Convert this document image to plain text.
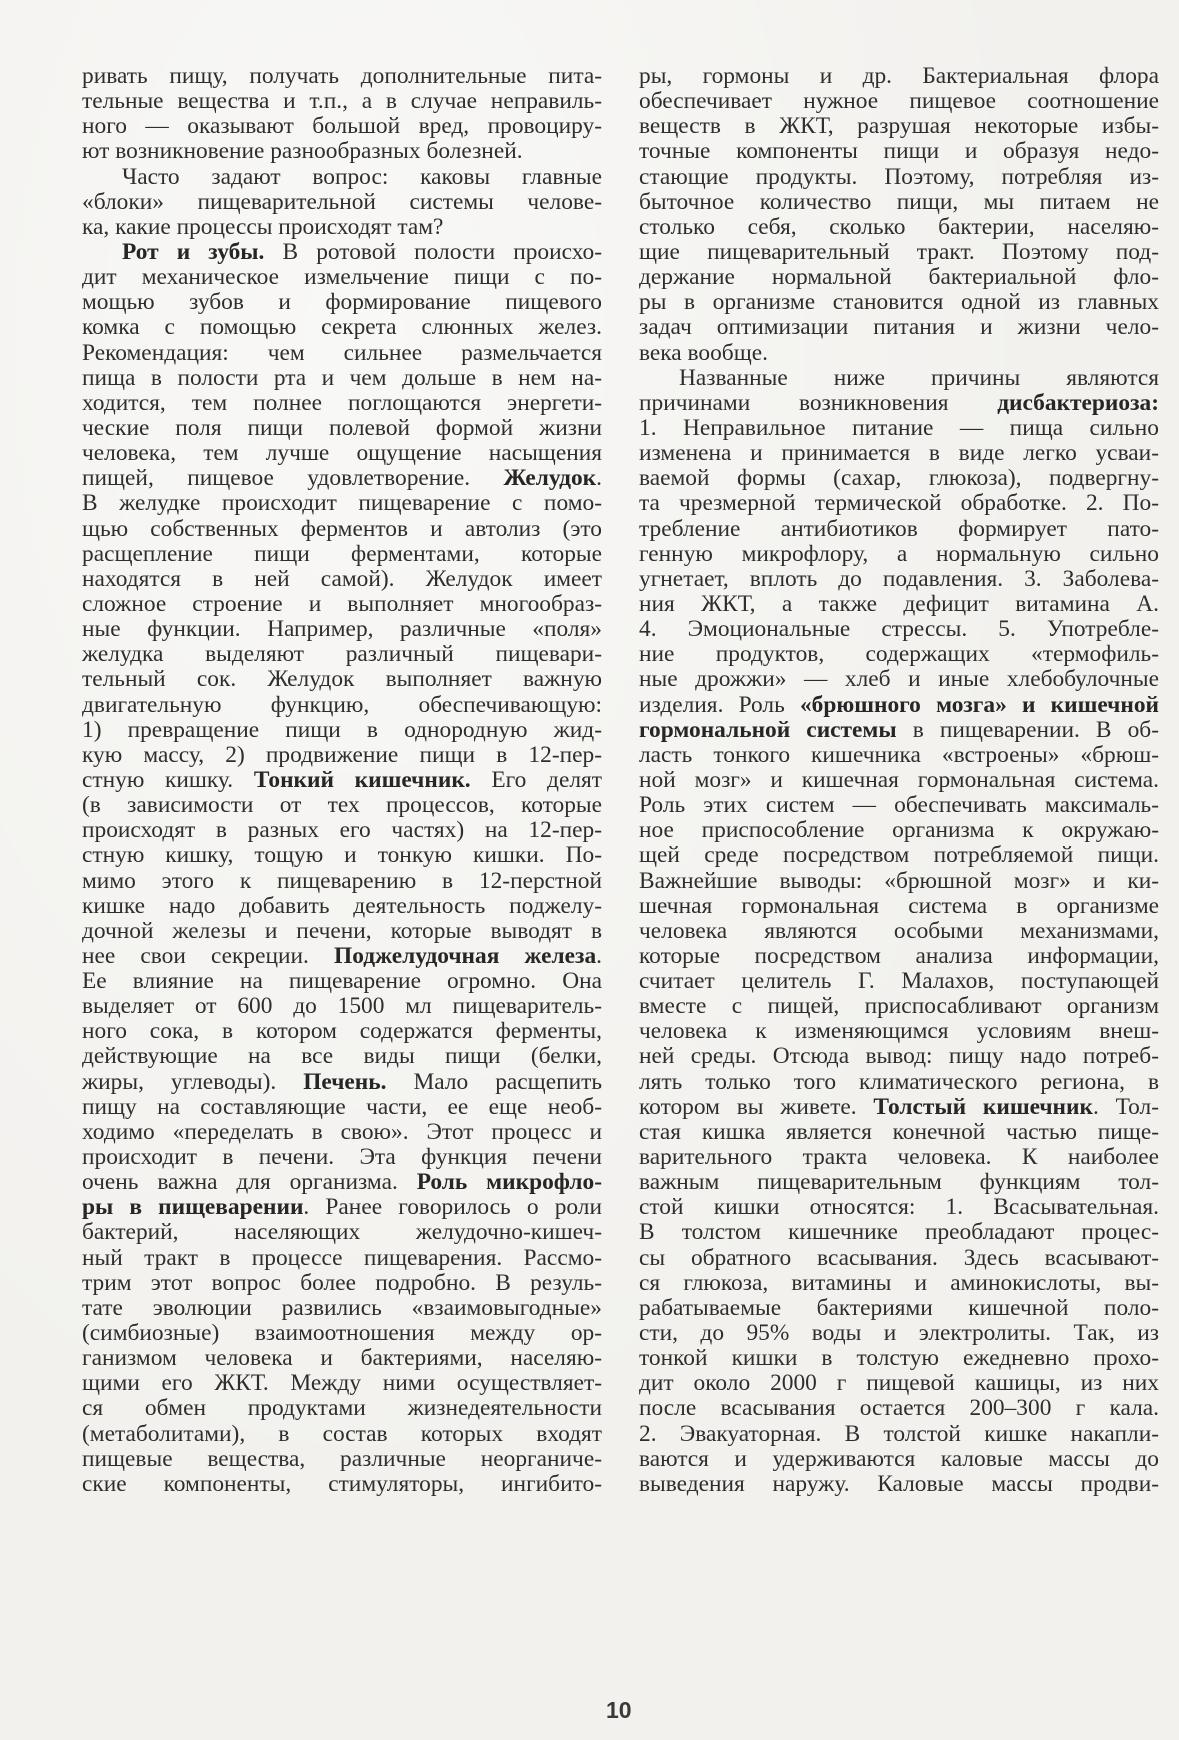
ривать пищу, получать дополнительные пита-
тельные вещества и т.п., а в случае неправиль-
ного — оказывают большой вред, провоциру-
ют возникновение разнообразных болезней.
Часто задают вопрос: каковы главные
«блоки» пищеварительной системы челове-
ка, какие процессы происходят там?
Рот и зубы. В ротовой полости происхо-
дит механическое измельчение пищи с по-
мощью зубов и формирование пищевого
комка с помощью секрета слюнных желез.
Рекомендация: чем сильнее размельчается
пища в полости рта и чем дольше в нем на-
ходится, тем полнее поглощаются энергети-
ческие поля пищи полевой формой жизни
человека, тем лучше ощущение насыщения
пищей, пищевое удовлетворение. Желудок.
В желудке происходит пищеварение с помо-
щью собственных ферментов и автолиз (это
расщепление пищи ферментами, которые
находятся в ней самой). Желудок имеет
сложное строение и выполняет многообраз-
ные функции. Например, различные «поля»
желудка выделяют различный пищевари-
тельный сок. Желудок выполняет важную
двигательную функцию, обеспечивающую:
1) превращение пищи в однородную жид-
кую массу, 2) продвижение пищи в 12-пер-
стную кишку. Тонкий кишечник. Его делят
(в зависимости от тех процессов, которые
происходят в разных его частях) на 12-пер-
стную кишку, тощую и тонкую кишки. По-
мимо этого к пищеварению в 12-перстной
кишке надо добавить деятельность поджелу-
дочной железы и печени, которые выводят в
нее свои секреции. Поджелудочная железа.
Ее влияние на пищеварение огромно. Она
выделяет от 600 до 1500 мл пищеваритель-
ного сока, в котором содержатся ферменты,
действующие на все виды пищи (белки,
жиры, углеводы). Печень. Мало расщепить
пищу на составляющие части, ее еще необ-
ходимо «переделать в свою». Этот процесс и
происходит в печени. Эта функция печени
очень важна для организма. Роль микрофло-
ры в пищеварении. Ранее говорилось о роли
бактерий, населяющих желудочно-кишеч-
ный тракт в процессе пищеварения. Рассмо-
трим этот вопрос более подробно. В резуль-
тате эволюции развились «взаимовыгодные»
(симбиозные) взаимоотношения между ор-
ганизмом человека и бактериями, населяю-
щими его ЖКТ. Между ними осуществляет-
ся обмен продуктами жизнедеятельности
(метаболитами), в состав которых входят
пищевые вещества, различные неорганиче-
ские компоненты, стимуляторы, ингибито-
ры, гормоны и др. Бактериальная флора
обеспечивает нужное пищевое соотношение
веществ в ЖКТ, разрушая некоторые избы-
точные компоненты пищи и образуя недо-
стающие продукты. Поэтому, потребляя из-
быточное количество пищи, мы питаем не
столько себя, сколько бактерии, населяю-
щие пищеварительный тракт. Поэтому под-
держание нормальной бактериальной фло-
ры в организме становится одной из главных
задач оптимизации питания и жизни чело-
века вообще.
Названные ниже причины являются
причинами возникновения дисбактериоза:
1. Неправильное питание — пища сильно
изменена и принимается в виде легко усваи-
ваемой формы (сахар, глюкоза), подвергну-
та чрезмерной термической обработке. 2. По-
требление антибиотиков формирует пато-
генную микрофлору, а нормальную сильно
угнетает, вплоть до подавления. 3. Заболева-
ния ЖКТ, а также дефицит витамина А.
4. Эмоциональные стрессы. 5. Употребле-
ние продуктов, содержащих «термофиль-
ные дрожжи» — хлеб и иные хлебобулочные
изделия. Роль «брюшного мозга» и кишечной
гормональной системы в пищеварении. В об-
ласть тонкого кишечника «встроены» «брюш-
ной мозг» и кишечная гормональная система.
Роль этих систем — обеспечивать максималь-
ное приспособление организма к окружаю-
щей среде посредством потребляемой пищи.
Важнейшие выводы: «брюшной мозг» и ки-
шечная гормональная система в организме
человека являются особыми механизмами,
которые посредством анализа информации,
считает целитель Г. Малахов, поступающей
вместе с пищей, приспосабливают организм
человека к изменяющимся условиям внеш-
ней среды. Отсюда вывод: пищу надо потреб-
лять только того климатического региона, в
котором вы живете. Толстый кишечник. Тол-
стая кишка является конечной частью пище-
варительного тракта человека. К наиболее
важным пищеварительным функциям тол-
стой кишки относятся: 1. Всасывательная.
В толстом кишечнике преобладают процес-
сы обратного всасывания. Здесь всасывают-
ся глюкоза, витамины и аминокислоты, вы-
рабатываемые бактериями кишечной поло-
сти, до 95% воды и электролиты. Так, из
тонкой кишки в толстую ежедневно прохо-
дит около 2000 г пищевой кашицы, из них
после всасывания остается 200–300 г кала.
2. Эвакуаторная. В толстой кишке накапли-
ваются и удерживаются каловые массы до
выведения наружу. Каловые массы продви-
10
